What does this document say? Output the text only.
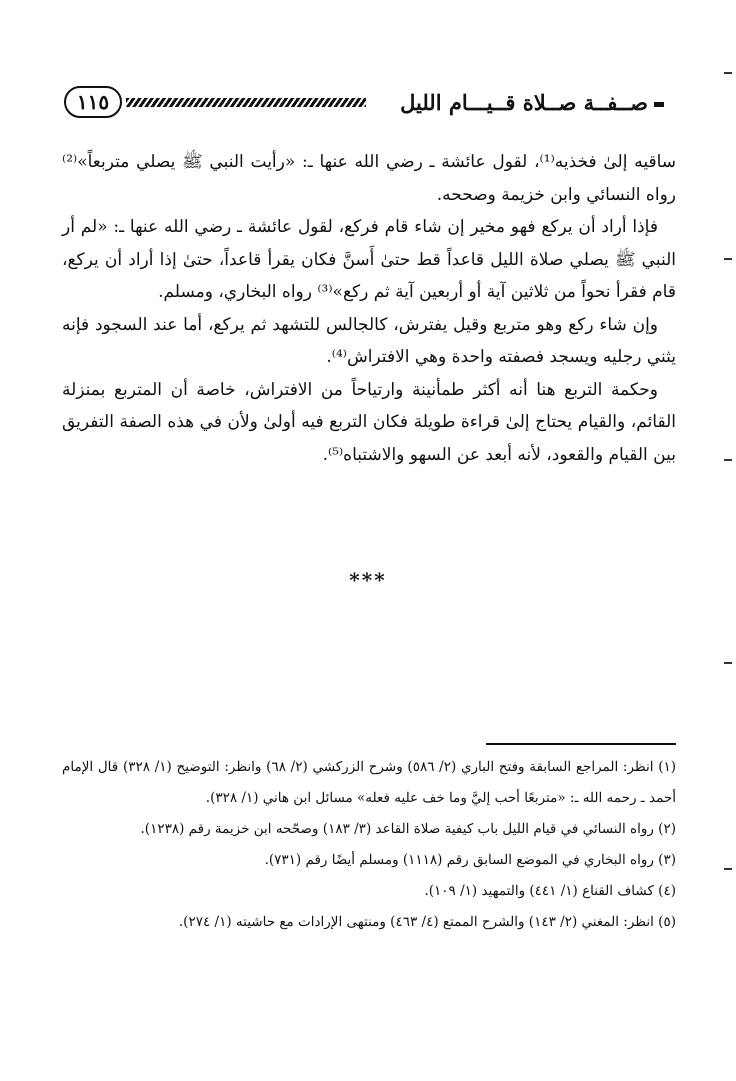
١١٥	صــفــة صــلاة قــيـــام الليل

ساقيه إلىٰ فخذيه⁽¹⁾، لقول عائشة ـ رضي الله عنها ـ: «رأيت النبي ﷺ يصلي متربعاً»⁽²⁾ رواه النسائي وابن خزيمة وصححه.

فإذا أراد أن يركع فهو مخير إن شاء قام فركع، لقول عائشة ـ رضي الله عنها ـ: «لم أر النبي ﷺ يصلي صلاة الليل قاعداً قط حتىٰ أَسنَّ فكان يقرأ قاعداً، حتىٰ إذا أراد أن يركع، قام فقرأ نحواً من ثلاثين آية أو أربعين آية ثم ركع»⁽³⁾ رواه البخاري، ومسلم.

وإن شاء ركع وهو متربع وقيل يفترش، كالجالس للتشهد ثم يركع، أما عند السجود فإنه يثني رجليه ويسجد فصفته واحدة وهي الافتراش⁽⁴⁾.

وحكمة التربع هنا أنه أكثر طمأنينة وارتياحاً من الافتراش، خاصة أن المتربع بمنزلة القائم، والقيام يحتاج إلىٰ قراءة طويلة فكان التربع فيه أولىٰ ولأن في هذه الصفة التفريق بين القيام والقعود، لأنه أبعد عن السهو والاشتباه⁽⁵⁾.

***

(١) انظر: المراجع السابقة وفتح الباري (٢/ ٥٨٦) وشرح الزركشي (٢/ ٦٨) وانظر: التوضيح (١/ ٣٢٨) قال الإمام أحمد ـ رحمه الله ـ: «متربعًا أحب إليَّ وما خف عليه فعله» مسائل ابن هاني (١/ ٣٢٨).

(٢) رواه النسائي في قيام الليل باب كيفية صلاة القاعد (٣/ ١٨٣) وصحّحه ابن خزيمة رقم (١٢٣٨).

(٣) رواه البخاري في الموضع السابق رقم (١١١٨) ومسلم أيضًا رقم (٧٣١).

(٤) كشاف القناع (١/ ٤٤١) والتمهيد (١/ ١٠٩).

(٥) انظر: المغني (٢/ ١٤٣) والشرح الممتع (٤/ ٤٦٣) ومنتهى الإرادات مع حاشيته (١/ ٢٧٤).
